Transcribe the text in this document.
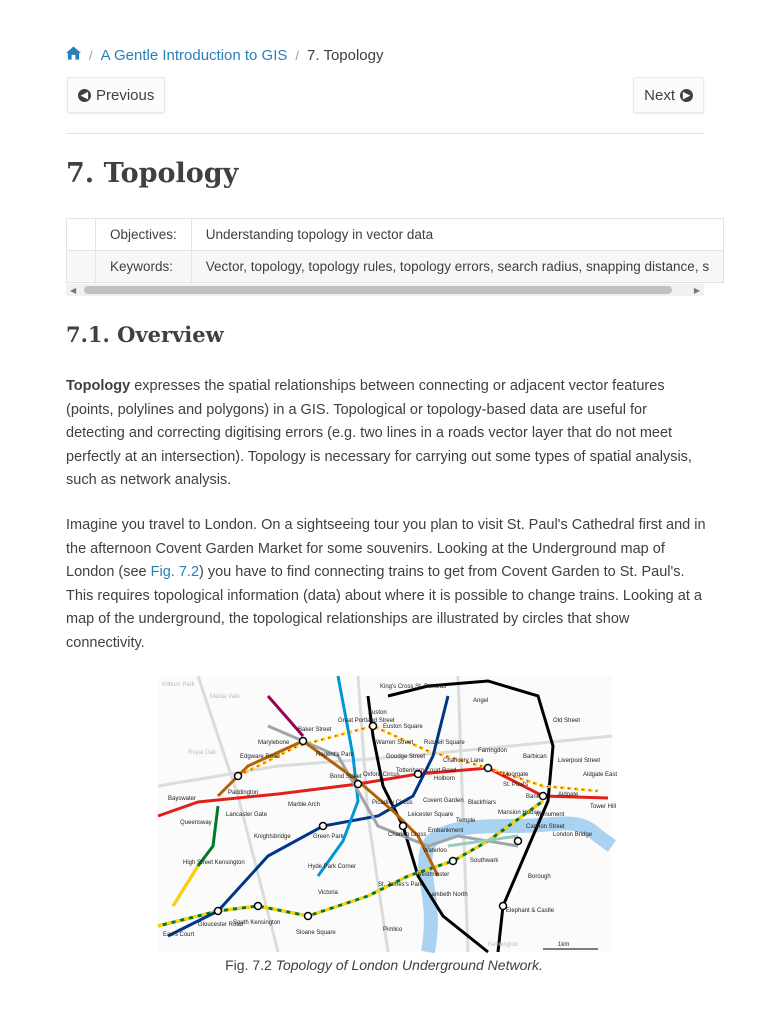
/ A Gentle Introduction to GIS / 7. Topology
◀ Previous	Next ▶
7. Topology
	Objectives:	Understanding topology in vector data
	Keywords:	Vector, topology, topology rules, topology errors, search radius, snapping distance, s
◀	▶
7.1. Overview

Topology expresses the spatial relationships between connecting or adjacent vector features (points, polylines and polygons) in a GIS. Topological or topology-based data are useful for detecting and correcting digitising errors (e.g. two lines in a roads vector layer that do not meet perfectly at an intersection). Topology is necessary for carrying out some types of spatial analysis, such as network analysis.

Imagine you travel to London. On a sightseeing tour you plan to visit St. Paul's Cathedral first and in the afternoon Covent Garden Market for some souvenirs. Looking at the Underground map of London (see Fig. 7.2) you have to find connecting trains to get from Covent Garden to St. Paul's. This requires topological information (data) about where it is possible to change trains. Looking at a map of the underground, the topological relationships are illustrated by circles that show connectivity.

King's Cross St. Pancras
Euston
Euston Square
Angel
Old Street
Great Portland Street
Baker Street
Marylebone
Regent's Park
Warren Street
Goodge Street
Russell Square
Farringdon
Barbican
Liverpool Street
Edgware Road
Paddington
Bond Street Oxford Circus
Tottenham Court Road
Holborn
Chancery Lane
Moorgate	Aldgate East
Aldgate
Bayswater
Queensway
Lancaster Gate
Marble Arch
St. Paul's
Bank
Monument
Tower Hill
Picadilly Circus Covent Garden
Leicester Square
Blackfriars
Mansion House
Cannon Street
Temple
Green Park	Charing Cross
Embankment
London Bridge
Knightsbridge
Hyde Park Corner
Waterloo
Southwark
High Street Kensington
Westminster
Victoria
St. James's Park
Lambeth North
Borough
Gloucester Road
South Kensington
Sloane Square	Pimlico
Elephant & Castle
Earl's Court
Kilburn Park
Maida Vale
Royal Oak
Kennington	1km
Fig. 7.2 Topology of London Underground Network.
